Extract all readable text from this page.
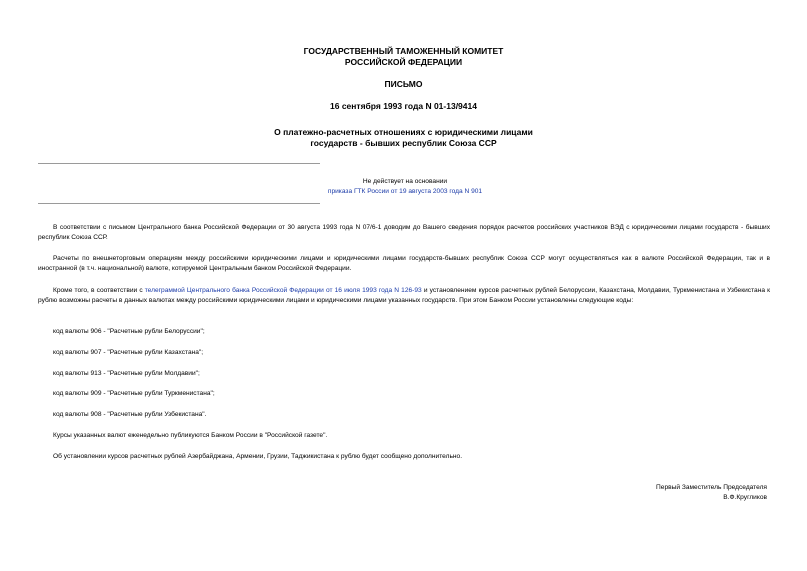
ГОСУДАРСТВЕННЫЙ ТАМОЖЕННЫЙ КОМИТЕТ
РОССИЙСКОЙ ФЕДЕРАЦИИ
ПИСЬМО
16 сентября 1993 года N 01-13/9414
О платежно-расчетных отношениях с юридическими лицами
государств - бывших республик Союза ССР
Не действует на основании
приказа ГТК России от 19 августа 2003 года N 901
В соответствии с письмом Центрального банка Российской Федерации от 30 августа 1993 года N 07/6-1 доводим до Вашего сведения порядок расчетов российских участников ВЭД с юридическими лицами государств - бывших республик Союза ССР.
Расчеты по внешнеторговым операциям между российскими юридическими лицами и юридическими лицами государств-бывших республик Союза ССР могут осуществляться как в валюте Российской Федерации, так и в иностранной (в т.ч. национальной) валюте, котируемой Центральным банком Российской Федерации.
Кроме того, в соответствии с телеграммой Центрального банка Российской Федерации от 16 июля 1993 года N 126-93 и установлением курсов расчетных рублей Белоруссии, Казахстана, Молдавии, Туркменистана и Узбекистана к рублю возможны расчеты в данных валютах между российскими юридическими лицами и юридическими лицами указанных государств. При этом Банком России установлены следующие коды:
код валюты 906 - "Расчетные рубли Белоруссии";
код валюты 907 - "Расчетные рубли Казахстана";
код валюты 913 - "Расчетные рубли Молдавии";
код валюты 909 - "Расчетные рубли Туркменистана";
код валюты 908 - "Расчетные рубли Узбекистана".
Курсы указанных валют еженедельно публикуются Банком России в "Российской газете".
Об установлении курсов расчетных рублей Азербайджана, Армении, Грузии, Таджикистана к рублю будет сообщено дополнительно.
Первый Заместитель Председателя
В.Ф.Кругликов
